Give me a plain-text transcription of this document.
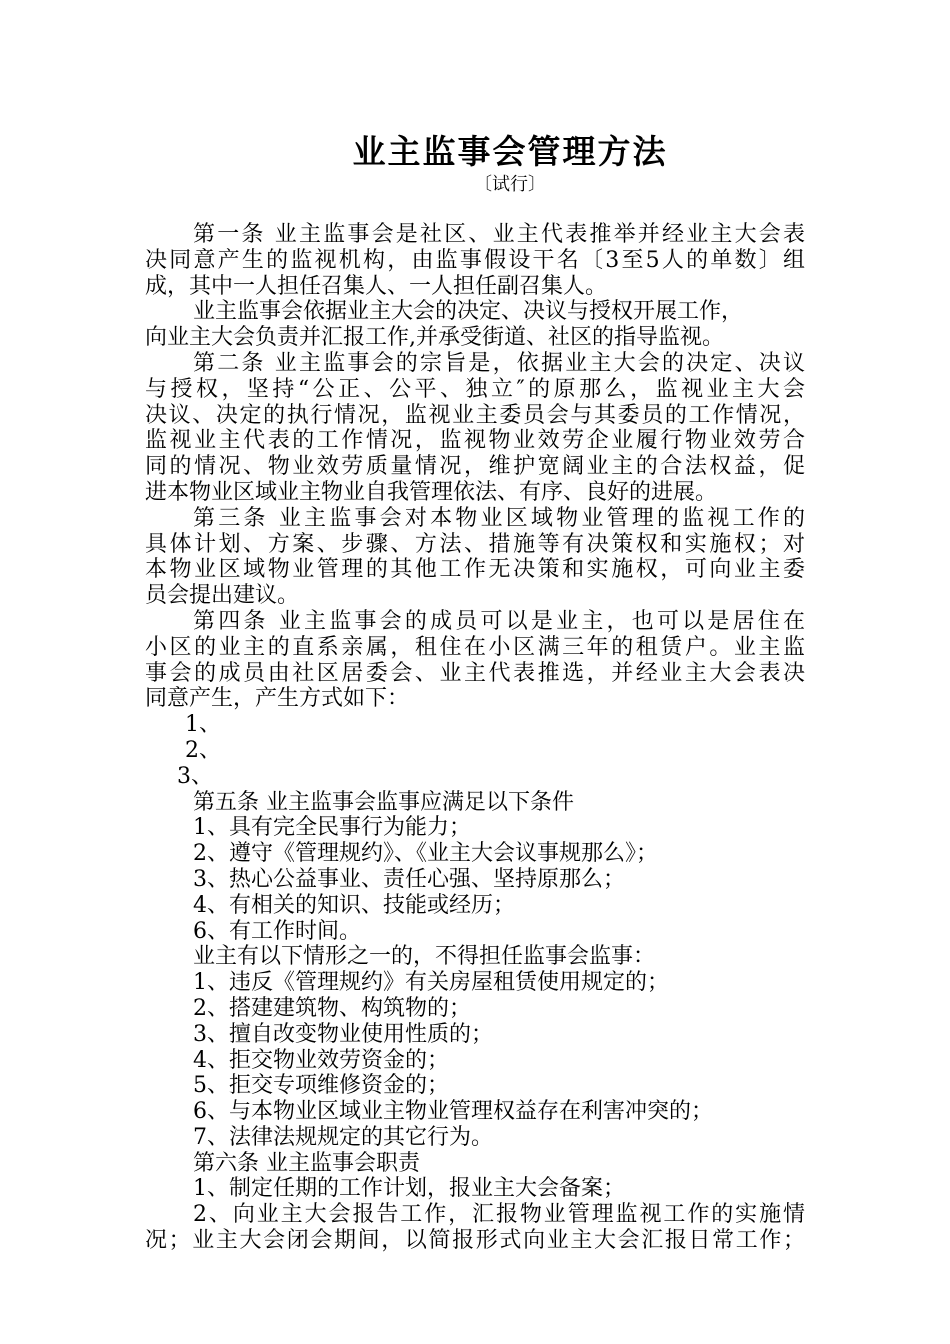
业主监事会管理方法
〔试行〕
第一条 业主监事会是社区、业主代表推举并经业主大会表
决同意产生的监视机构，由监事假设干名〔3至5人的单数〕组
成，其中一人担任召集人、一人担任副召集人。
业主监事会依据业主大会的决定、决议与授权开展工作，
向业主大会负责并汇报工作,并承受街道、社区的指导监视。
第二条 业主监事会的宗旨是，依据业主大会的决定、决议
与授权，坚持“公正、公平、独立″的原那么，监视业主大会
决议、决定的执行情况，监视业主委员会与其委员的工作情况，
监视业主代表的工作情况，监视物业效劳企业履行物业效劳合
同的情况、物业效劳质量情况，维护宽阔业主的合法权益，促
进本物业区域业主物业自我管理依法、有序、良好的进展。
第三条 业主监事会对本物业区域物业管理的监视工作的
具体计划、方案、步骤、方法、措施等有决策权和实施权；对
本物业区域物业管理的其他工作无决策和实施权，可向业主委
员会提出建议。
第四条 业主监事会的成员可以是业主，也可以是居住在
小区的业主的直系亲属，租住在小区满三年的租赁户。业主监
事会的成员由社区居委会、业主代表推选，并经业主大会表决
同意产生，产生方式如下：
1、
2、
3、
第五条 业主监事会监事应满足以下条件
1、具有完全民事行为能力；
2、遵守《管理规约》、《业主大会议事规那么》；
3、热心公益事业、责任心强、坚持原那么；
4、有相关的知识、技能或经历；
6、有工作时间。
业主有以下情形之一的，不得担任监事会监事：
1、违反《管理规约》有关房屋租赁使用规定的；
2、搭建建筑物、构筑物的；
3、擅自改变物业使用性质的；
4、拒交物业效劳资金的；
5、拒交专项维修资金的；
6、与本物业区域业主物业管理权益存在利害冲突的；
7、法律法规规定的其它行为。
第六条 业主监事会职责
1、制定任期的工作计划，报业主大会备案；
2、向业主大会报告工作，汇报物业管理监视工作的实施情
况；业主大会闭会期间，以简报形式向业主大会汇报日常工作；
